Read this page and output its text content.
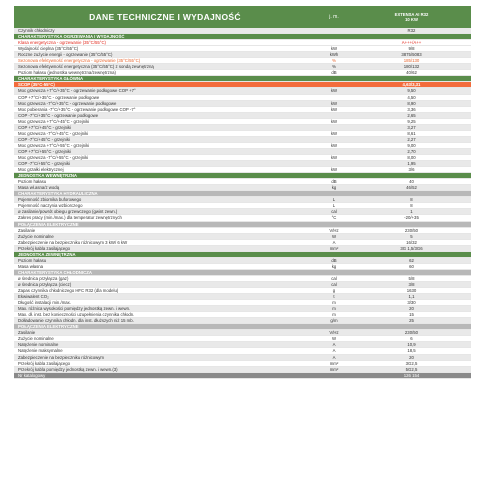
DANE TECHNICZNE I WYDAJNOŚĆ	j. m.	EXTENSA AI R32
10 KW
Czynnik chłodniczy	R32
CHARAKTERYSTYKA OGRZEWANIA I WYDAJNOŚĆ
Klasa energetyczna - ogrzewanie (35°C/55°C)	A+++/A++
Wydajność cieplna (35°C/55°C)	kW	9/8
Roczne zużycie energii - ogrzewanie (35°C/55°C)	kWh	3875/5083
Sezonowa efektywność energetyczna - ogrzewanie (35°C/55°C)	%	185/130
Sezonowa efektywność energetyczna (35°C/55°C) z sondą zewnętrzną	%	180/132
Poziom hałasu (jednostka wewnętrzna/zewnętrzna)	dB	40/62
CHARAKTERYSTYKA GŁÓWNA
SCOP (35°C-55°C)	4,63/3,31
Moc grzewcza +7°C/+35°C - ogrzewanie podłogowe COP +7°	kW	9,50
COP +7°C/+35°C - ogrzewanie podłogowe	4,50
Moc grzewcza -7°C/+35°C - ogrzewanie podłogowe	kW	8,90
Moc pobierania -7°C/+35°C - ogrzewanie podłogowe COP -7°	kW	3,36
COP -7°C/+35°C - ogrzewanie podłogowe	2,65
Moc grzewcza +7°C/+45°C - grzejniki	kW	9,25
COP +7°C/+45°C - grzejniki	3,27
Moc grzewcza -7°C/+45°C - grzejniki	kW	8,61
COP -7°C/+45°C - grzejniki	2,27
Moc grzewcza +7°C/+55°C - grzejniki	kW	9,00
COP +7°C/+55°C - grzejniki	2,70
Moc grzewcza -7°C/+55°C - grzejniki	kW	8,00
COP -7°C/+55°C - grzejniki	1,95
Moc grzałki elektrycznej	kW	3/6
JEDNOSTKA WEWNĘTRZNA
Poziom hałasu	dB	40
Masa wł.asna/z wodą	kg	46/52
CHARAKTERYSTYKA HYDRAULICZNA
Pojemność zbiornika buforowego	L	8
Pojemność naczynia wzbiorczego	L	8
ø zasilanie/powrót obiegu grzewczego (gwint zewn.)	cal	1
Zakres pracy (min./max.) dla temperatur zewnętrznych	°C	-20/+35
POŁĄCZENIA ELEKTRYCZNE
Zasilanie	V/Hz	230/50
Zużycie nominalne	W	5
Zabezpieczenie na bezpieczniku różnicowym 3 kW/ 6 kW	A	16/32
Przekrój kabla zasilającego	mm²	3G 1,5/3G6
JEDNOSTKA ZEWNĘTRZNA
Poziom hałasu	dB	62
Masa własna	kg	60
CHARAKTERYSTYKA CHŁODNICZA
ø średnica przyłącza (gaz)	cal	5/8
ø średnica przyłącza (ciecz)	cal	3/8
Zapas czynnika chłodniczego HFC R32 (dla modelu)	g	1630
Ekwiwalent CO₂	t	1,1
Długość instalacji min./max.	m	3/30
Max. różnica wysokości pomiędzy jednostką zewn. i wewn.	m	20
Max. dł. inst. bez konieczności uzupełnienia czynnika chłodn.	m	15
Dolładowanie czynnika chłodn. dla inst. dłuższych niż 15 mb.	g/m	25
POŁĄCZENIA ELEKTRYCZNE
Zasilanie	V/Hz	230/50
Zużycie nominalne	W	6
Natężenie nominalne	A	10,9
Natężenie maksymalne	A	18,5
Zabezpieczenie na bezpieczniku różnicowym	A	20
Przekrój kabla zasilającego	mm²	3G2,5
Przekrój kabla pomiędzy jednostką zewn. i wewn.(3)	mm²	5G2,5
Nr katalogowy	126 154
